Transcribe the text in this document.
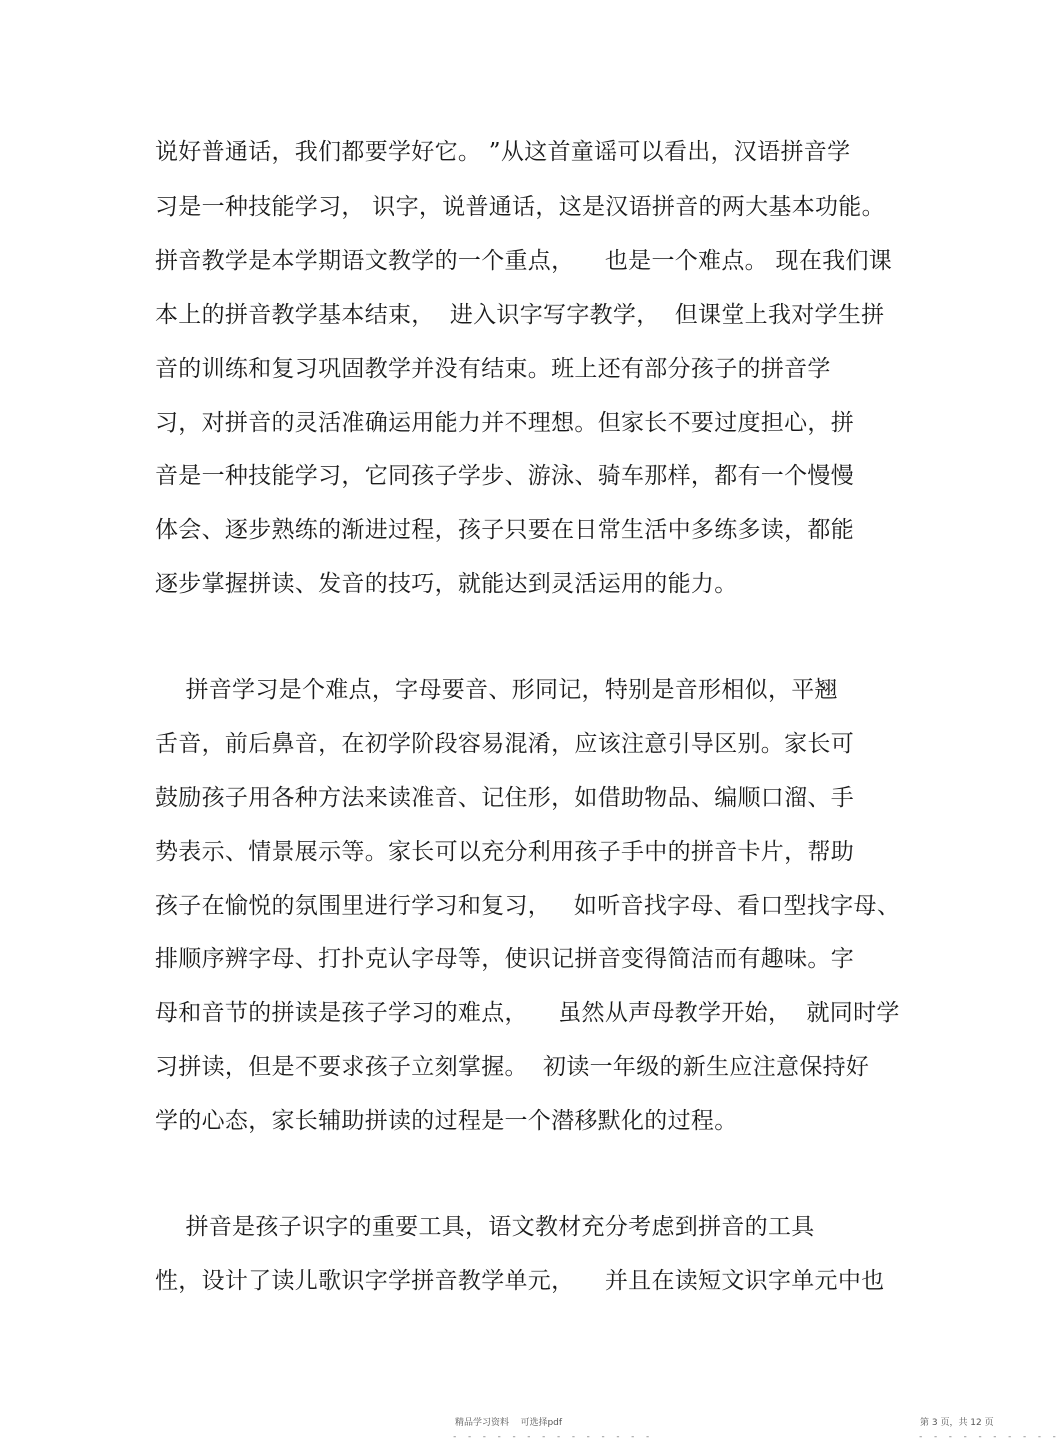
说好普通话，我们都要学好它。 ”从这首童谣可以看出，汉语拼音学
习是一种技能学习， 识字，说普通话，这是汉语拼音的两大基本功能。
拼音教学是本学期语文教学的一个重点，    也是一个难点。 现在我们课
本上的拼音教学基本结束，  进入识字写字教学，  但课堂上我对学生拼
音的训练和复习巩固教学并没有结束。班上还有部分孩子的拼音学
习，对拼音的灵活准确运用能力并不理想。但家长不要过度担心，拼
音是一种技能学习，它同孩子学步、游泳、骑车那样，都有一个慢慢
体会、逐步熟练的渐进过程，孩子只要在日常生活中多练多读，都能
逐步掌握拼读、发音的技巧，就能达到灵活运用的能力。
拼音学习是个难点，字母要音、形同记，特别是音形相似，平翘
舌音，前后鼻音，在初学阶段容易混淆，应该注意引导区别。家长可
鼓励孩子用各种方法来读准音、记住形，如借助物品、编顺口溜、手
势表示、情景展示等。家长可以充分利用孩子手中的拼音卡片，帮助
孩子在愉悦的氛围里进行学习和复习，   如听音找字母、看口型找字母、
排顺序辨字母、打扑克认字母等，使识记拼音变得简洁而有趣味。字
母和音节的拼读是孩子学习的难点，    虽然从声母教学开始，  就同时学
习拼读，但是不要求孩子立刻掌握。  初读一年级的新生应注意保持好
学的心态，家长辅助拼读的过程是一个潜移默化的过程。
拼音是孩子识字的重要工具，语文教材充分考虑到拼音的工具
性，设计了读儿歌识字学拼音教学单元，    并且在读短文识字单元中也
精品学习资料    可选择pdf
- - - - - - - - - - - - - -
第 3 页，共 12 页
- - - - - - - - - -
